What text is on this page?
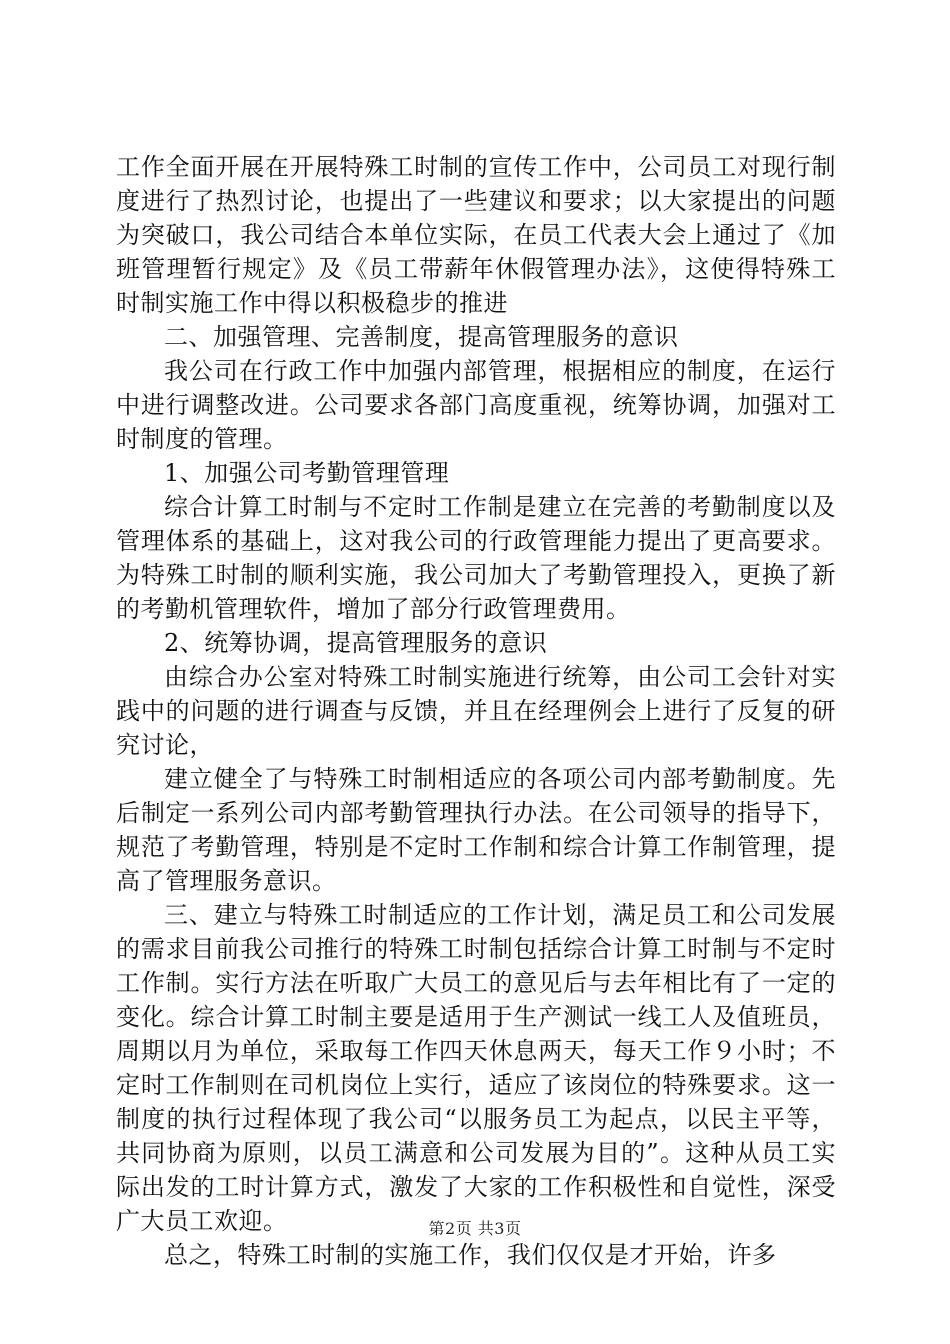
工作全面开展在开展特殊工时制的宣传工作中，公司员工对现行制度进行了热烈讨论，也提出了一些建议和要求；以大家提出的问题为突破口，我公司结合本单位实际，在员工代表大会上通过了《加班管理暂行规定》及《员工带薪年休假管理办法》，这使得特殊工时制实施工作中得以积极稳步的推进

二、加强管理、完善制度，提高管理服务的意识

我公司在行政工作中加强内部管理，根据相应的制度，在运行中进行调整改进。公司要求各部门高度重视，统筹协调，加强对工时制度的管理。

1、加强公司考勤管理管理

综合计算工时制与不定时工作制是建立在完善的考勤制度以及管理体系的基础上，这对我公司的行政管理能力提出了更高要求。为特殊工时制的顺利实施，我公司加大了考勤管理投入，更换了新的考勤机管理软件，增加了部分行政管理费用。

2、统筹协调，提高管理服务的意识

由综合办公室对特殊工时制实施进行统筹，由公司工会针对实践中的问题的进行调查与反馈，并且在经理例会上进行了反复的研究讨论，

建立健全了与特殊工时制相适应的各项公司内部考勤制度。先后制定一系列公司内部考勤管理执行办法。在公司领导的指导下，规范了考勤管理，特别是不定时工作制和综合计算工作制管理，提高了管理服务意识。

三、建立与特殊工时制适应的工作计划，满足员工和公司发展的需求目前我公司推行的特殊工时制包括综合计算工时制与不定时工作制。实行方法在听取广大员工的意见后与去年相比有了一定的变化。综合计算工时制主要是适用于生产测试一线工人及值班员，周期以月为单位，采取每工作四天休息两天，每天工作９小时；不定时工作制则在司机岗位上实行，适应了该岗位的特殊要求。这一制度的执行过程体现了我公司“以服务员工为起点，以民主平等，共同协商为原则，以员工满意和公司发展为目的”。这种从员工实际出发的工时计算方式，激发了大家的工作积极性和自觉性，深受广大员工欢迎。

总之，特殊工时制的实施工作，我们仅仅是才开始，许多

第2页 共3页
